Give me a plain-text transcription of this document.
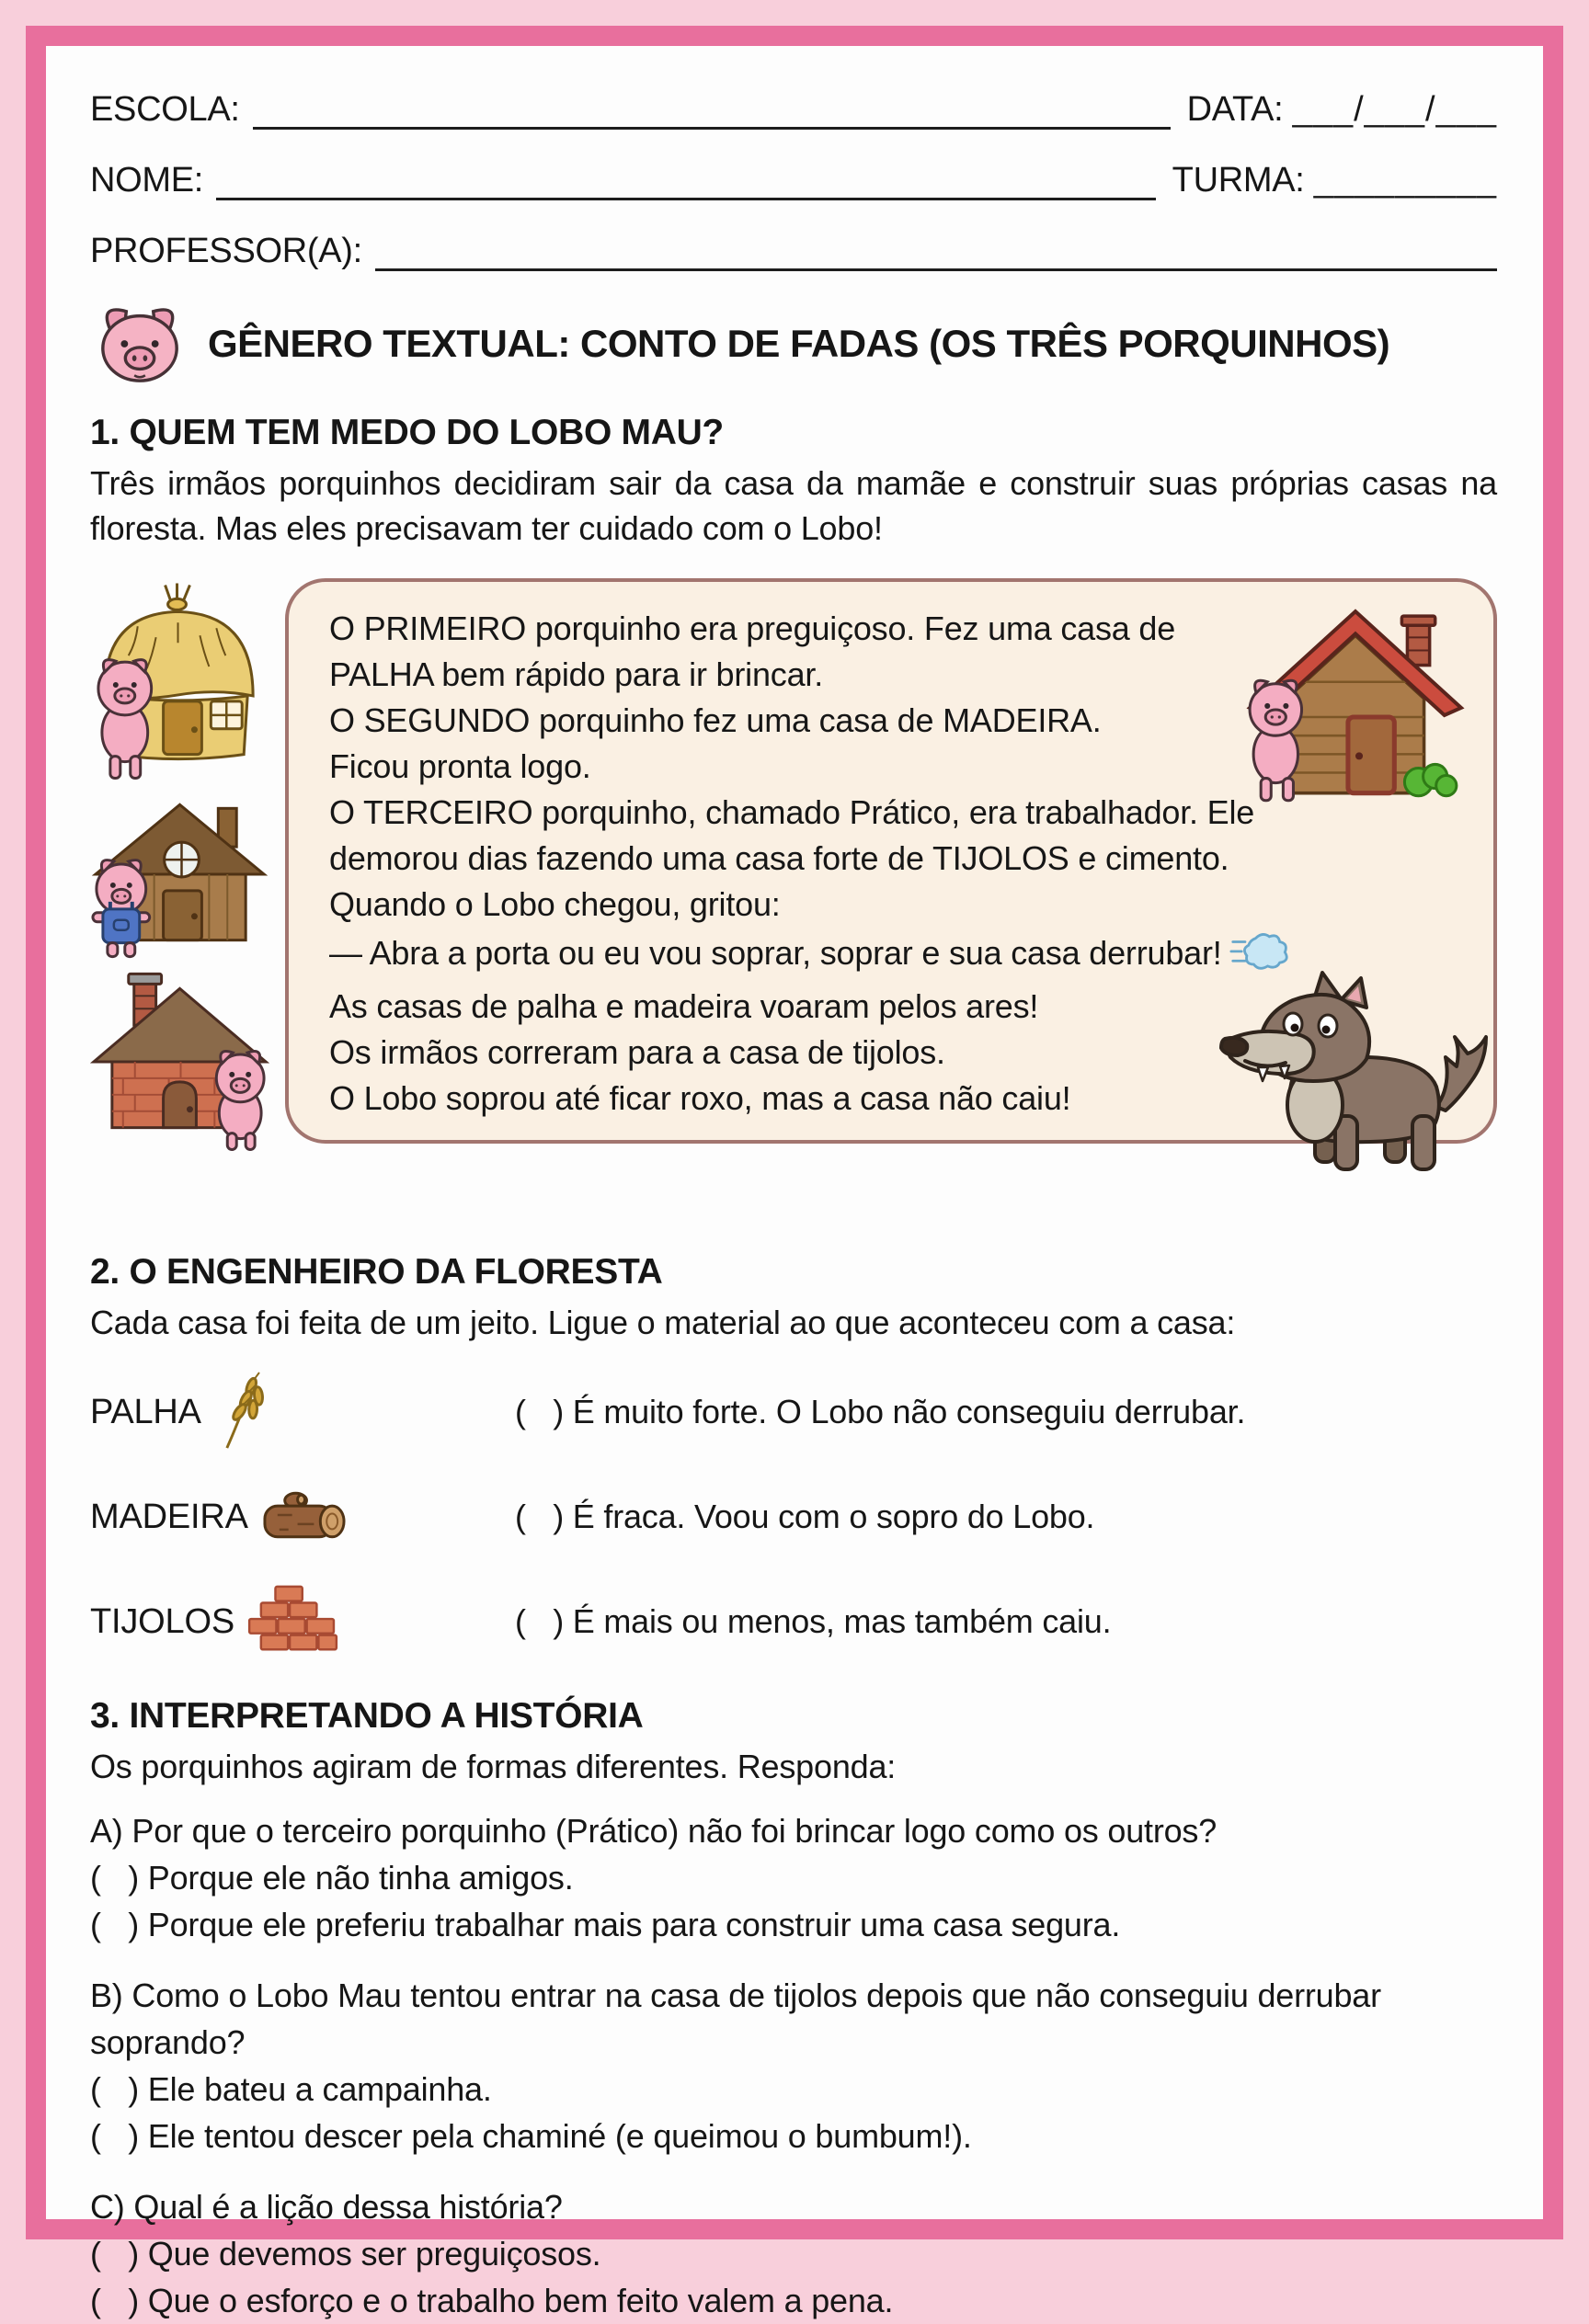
ESCOLA:	DATA: ___/___/___
NOME:	TURMA: _________
PROFESSOR(A):
GÊNERO TEXTUAL: CONTO DE FADAS (OS TRÊS PORQUINHOS)
1. QUEM TEM MEDO DO LOBO MAU?
Três irmãos porquinhos decidiram sair da casa da mamãe e construir suas próprias casas na floresta. Mas eles precisavam ter cuidado com o Lobo!
O PRIMEIRO porquinho era preguiçoso. Fez uma casa de
PALHA bem rápido para ir brincar.
O SEGUNDO porquinho fez uma casa de MADEIRA.
Ficou pronta logo.
O TERCEIRO porquinho, chamado Prático, era trabalhador. Ele
demorou dias fazendo uma casa forte de TIJOLOS e cimento.
Quando o Lobo chegou, gritou:
— Abra a porta ou eu vou soprar, soprar e sua casa derrubar!
As casas de palha e madeira voaram pelos ares!
Os irmãos correram para a casa de tijolos.
O Lobo soprou até ficar roxo, mas a casa não caiu!
2. O ENGENHEIRO DA FLORESTA
Cada casa foi feita de um jeito. Ligue o material ao que aconteceu com a casa:
PALHA	(   ) É muito forte. O Lobo não conseguiu derrubar.
MADEIRA	(   ) É fraca. Voou com o sopro do Lobo.
TIJOLOS	(   ) É mais ou menos, mas também caiu.
3. INTERPRETANDO A HISTÓRIA
Os porquinhos agiram de formas diferentes. Responda:
A) Por que o terceiro porquinho (Prático) não foi brincar logo como os outros?
(   ) Porque ele não tinha amigos.
(   ) Porque ele preferiu trabalhar mais para construir uma casa segura.
B) Como o Lobo Mau tentou entrar na casa de tijolos depois que não conseguiu derrubar soprando?
(   ) Ele bateu a campainha.
(   ) Ele tentou descer pela chaminé (e queimou o bumbum!).
C) Qual é a lição dessa história?
(   ) Que devemos ser preguiçosos.
(   ) Que o esforço e o trabalho bem feito valem a pena.
